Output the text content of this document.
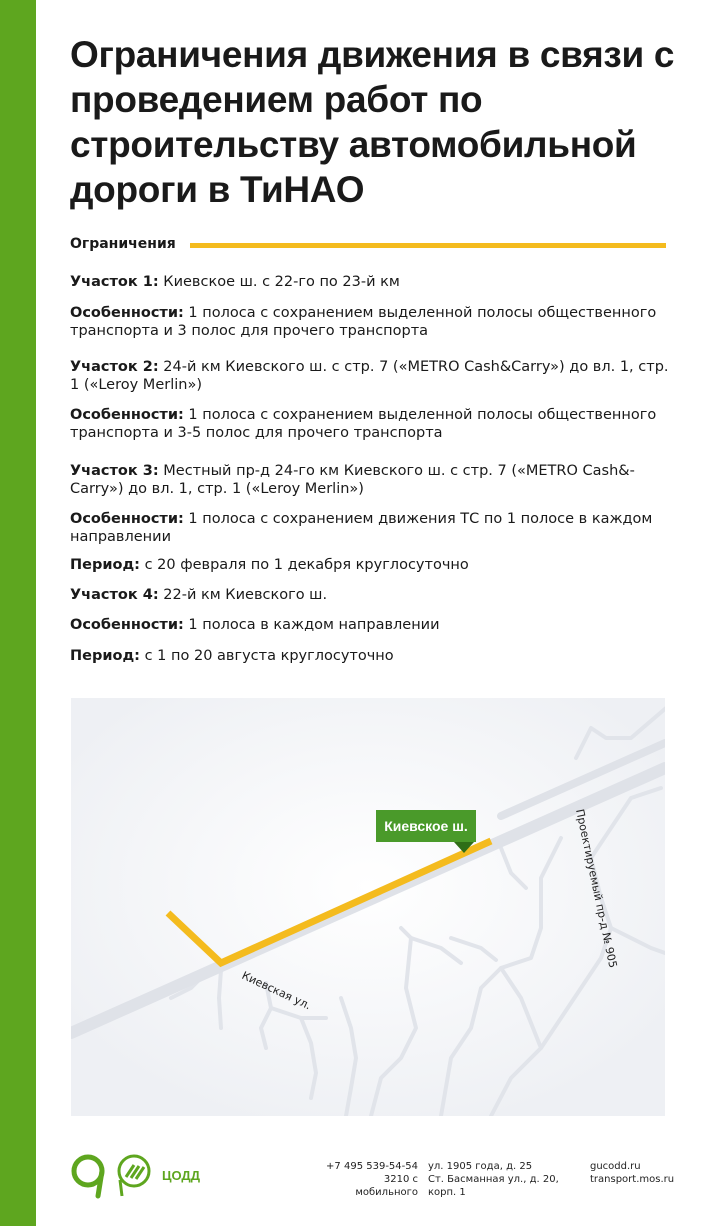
Ограничения движения в связи с проведением работ по строительству автомобильной дороги в ТиНАО
Ограничения
Участок 1: Киевское ш. с 22-го по 23-й км
Особенности: 1 полоса с сохранением выделенной полосы общественного транспорта и 3 полос для прочего транспорта
Участок 2: 24-й км Киевского ш. с стр. 7 («METRO Cash&Carry») до вл. 1, стр. 1 («Leroy Merlin»)
Особенности: 1 полоса с сохранением выделенной полосы общественного транспорта и 3-5 полос для прочего транспорта
Участок 3: Местный пр-д 24-го км Киевского ш. с стр. 7 («METRO Cash&-Carry») до вл. 1, стр. 1 («Leroy Merlin»)
Особенности: 1 полоса с сохранением движения ТС по 1 полосе в каждом направлении
Период: с 20 февраля по 1 декабря круглосуточно
Участок 4: 22-й км Киевского ш.
Особенности: 1 полоса в каждом направлении
Период: с 1 по 20 августа круглосуточно
Киевское ш.
Киевская ул.
Проектируемый пр-д № 905
ЦОДД
+7 495 539-54-54
3210 с мобильного
ул. 1905 года, д. 25
Ст. Басманная ул., д. 20, корп. 1
gucodd.ru
transport.mos.ru
